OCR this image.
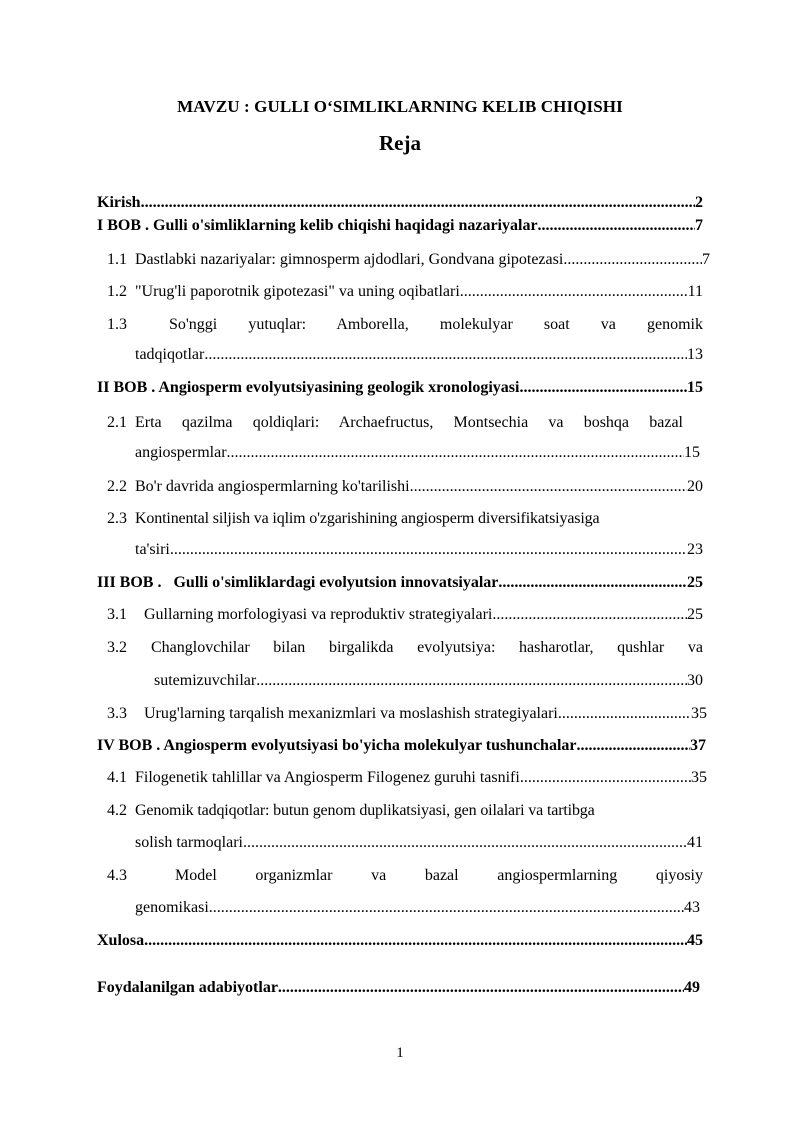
MAVZU : GULLI O‘SIMLIKLARNING KELIB CHIQISHI
Reja
Kirish .....	2
I BOB . Gulli o'simliklarning kelib chiqishi haqidagi nazariyalar .....	7
1.1 Dastlabki nazariyalar: gimnosperm ajdodlari, Gondvana gipotezasi .....	7
1.2 "Urug'li paporotnik gipotezasi" va uning oqibatlari .....	11
1.3	So'nggi yutuqlar: Amborella, molekulyar soat va genomik
tadqiqotlar .....	13
II BOB . Angiosperm evolyutsiyasining geologik xronologiyasi .....	15
2.1 Erta qazilma qoldiqlari: Archaefructus, Montsechia va boshqa bazal
angiospermlar .....	15
2.2 Bo'r davrida angiospermlarning ko'tarilishi .....	20
2.3 Kontinental siljish va iqlim o'zgarishining angiosperm diversifikatsiyasiga
ta'siri .....	23
III BOB .   Gulli o'simliklardagi evolyutsion innovatsiyalar .....	25
3.1 Gullarning morfologiyasi va reproduktiv strategiyalari .....	25
3.2 Changlovchilar bilan birgalikda evolyutsiya: hasharotlar, qushlar va
sutemizuvchilar .....	30
3.3 Urug'larning tarqalish mexanizmlari va moslashish strategiyalari .....	35
IV BOB . Angiosperm evolyutsiyasi bo'yicha molekulyar tushunchalar .....	37
4.1 Filogenetik tahlillar va Angiosperm Filogenez guruhi tasnifi .....	35
4.2 Genomik tadqiqotlar: butun genom duplikatsiyasi, gen oilalari va tartibga
solish tarmoqlari .....	41
4.3	Model organizmlar va bazal angiospermlarning qiyosiy
genomikasi .....	43
Xulosa .....	45
Foydalanilgan adabiyotlar .....	49
1
